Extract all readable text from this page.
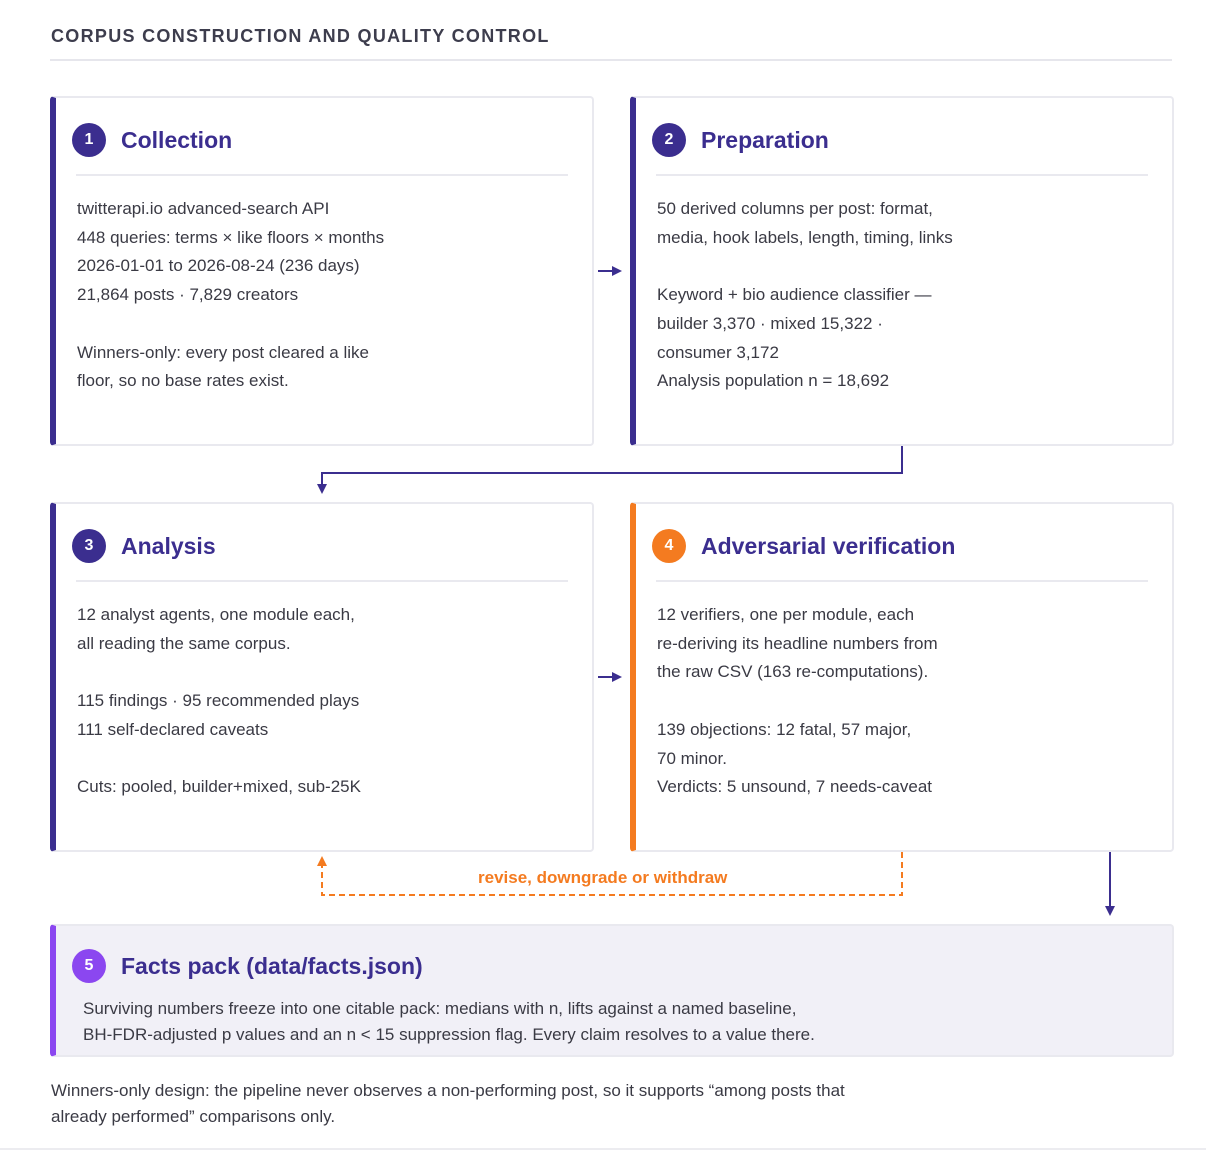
CORPUS CONSTRUCTION AND QUALITY CONTROL
1	Collection
twitterapi.io advanced-search API
448 queries: terms × like floors × months
2026-01-01 to 2026-08-24 (236 days)
21,864 posts · 7,829 creators
Winners-only: every post cleared a like
floor, so no base rates exist.
2	Preparation
50 derived columns per post: format,
media, hook labels, length, timing, links
Keyword + bio audience classifier —
builder 3,370 · mixed 15,322 ·
consumer 3,172
Analysis population n = 18,692
3	Analysis
12 analyst agents, one module each,
all reading the same corpus.
115 findings · 95 recommended plays
111 self-declared caveats
Cuts: pooled, builder+mixed, sub-25K
4	Adversarial verification
12 verifiers, one per module, each
re-deriving its headline numbers from
the raw CSV (163 re-computations).
139 objections: 12 fatal, 57 major,
70 minor.
Verdicts: 5 unsound, 7 needs-caveat
5	Facts pack (data/facts.json)
Surviving numbers freeze into one citable pack: medians with n, lifts against a named baseline,
BH-FDR-adjusted p values and an n < 15 suppression flag. Every claim resolves to a value there.
revise, downgrade or withdraw
Winners-only design: the pipeline never observes a non-performing post, so it supports “among posts that
already performed” comparisons only.
